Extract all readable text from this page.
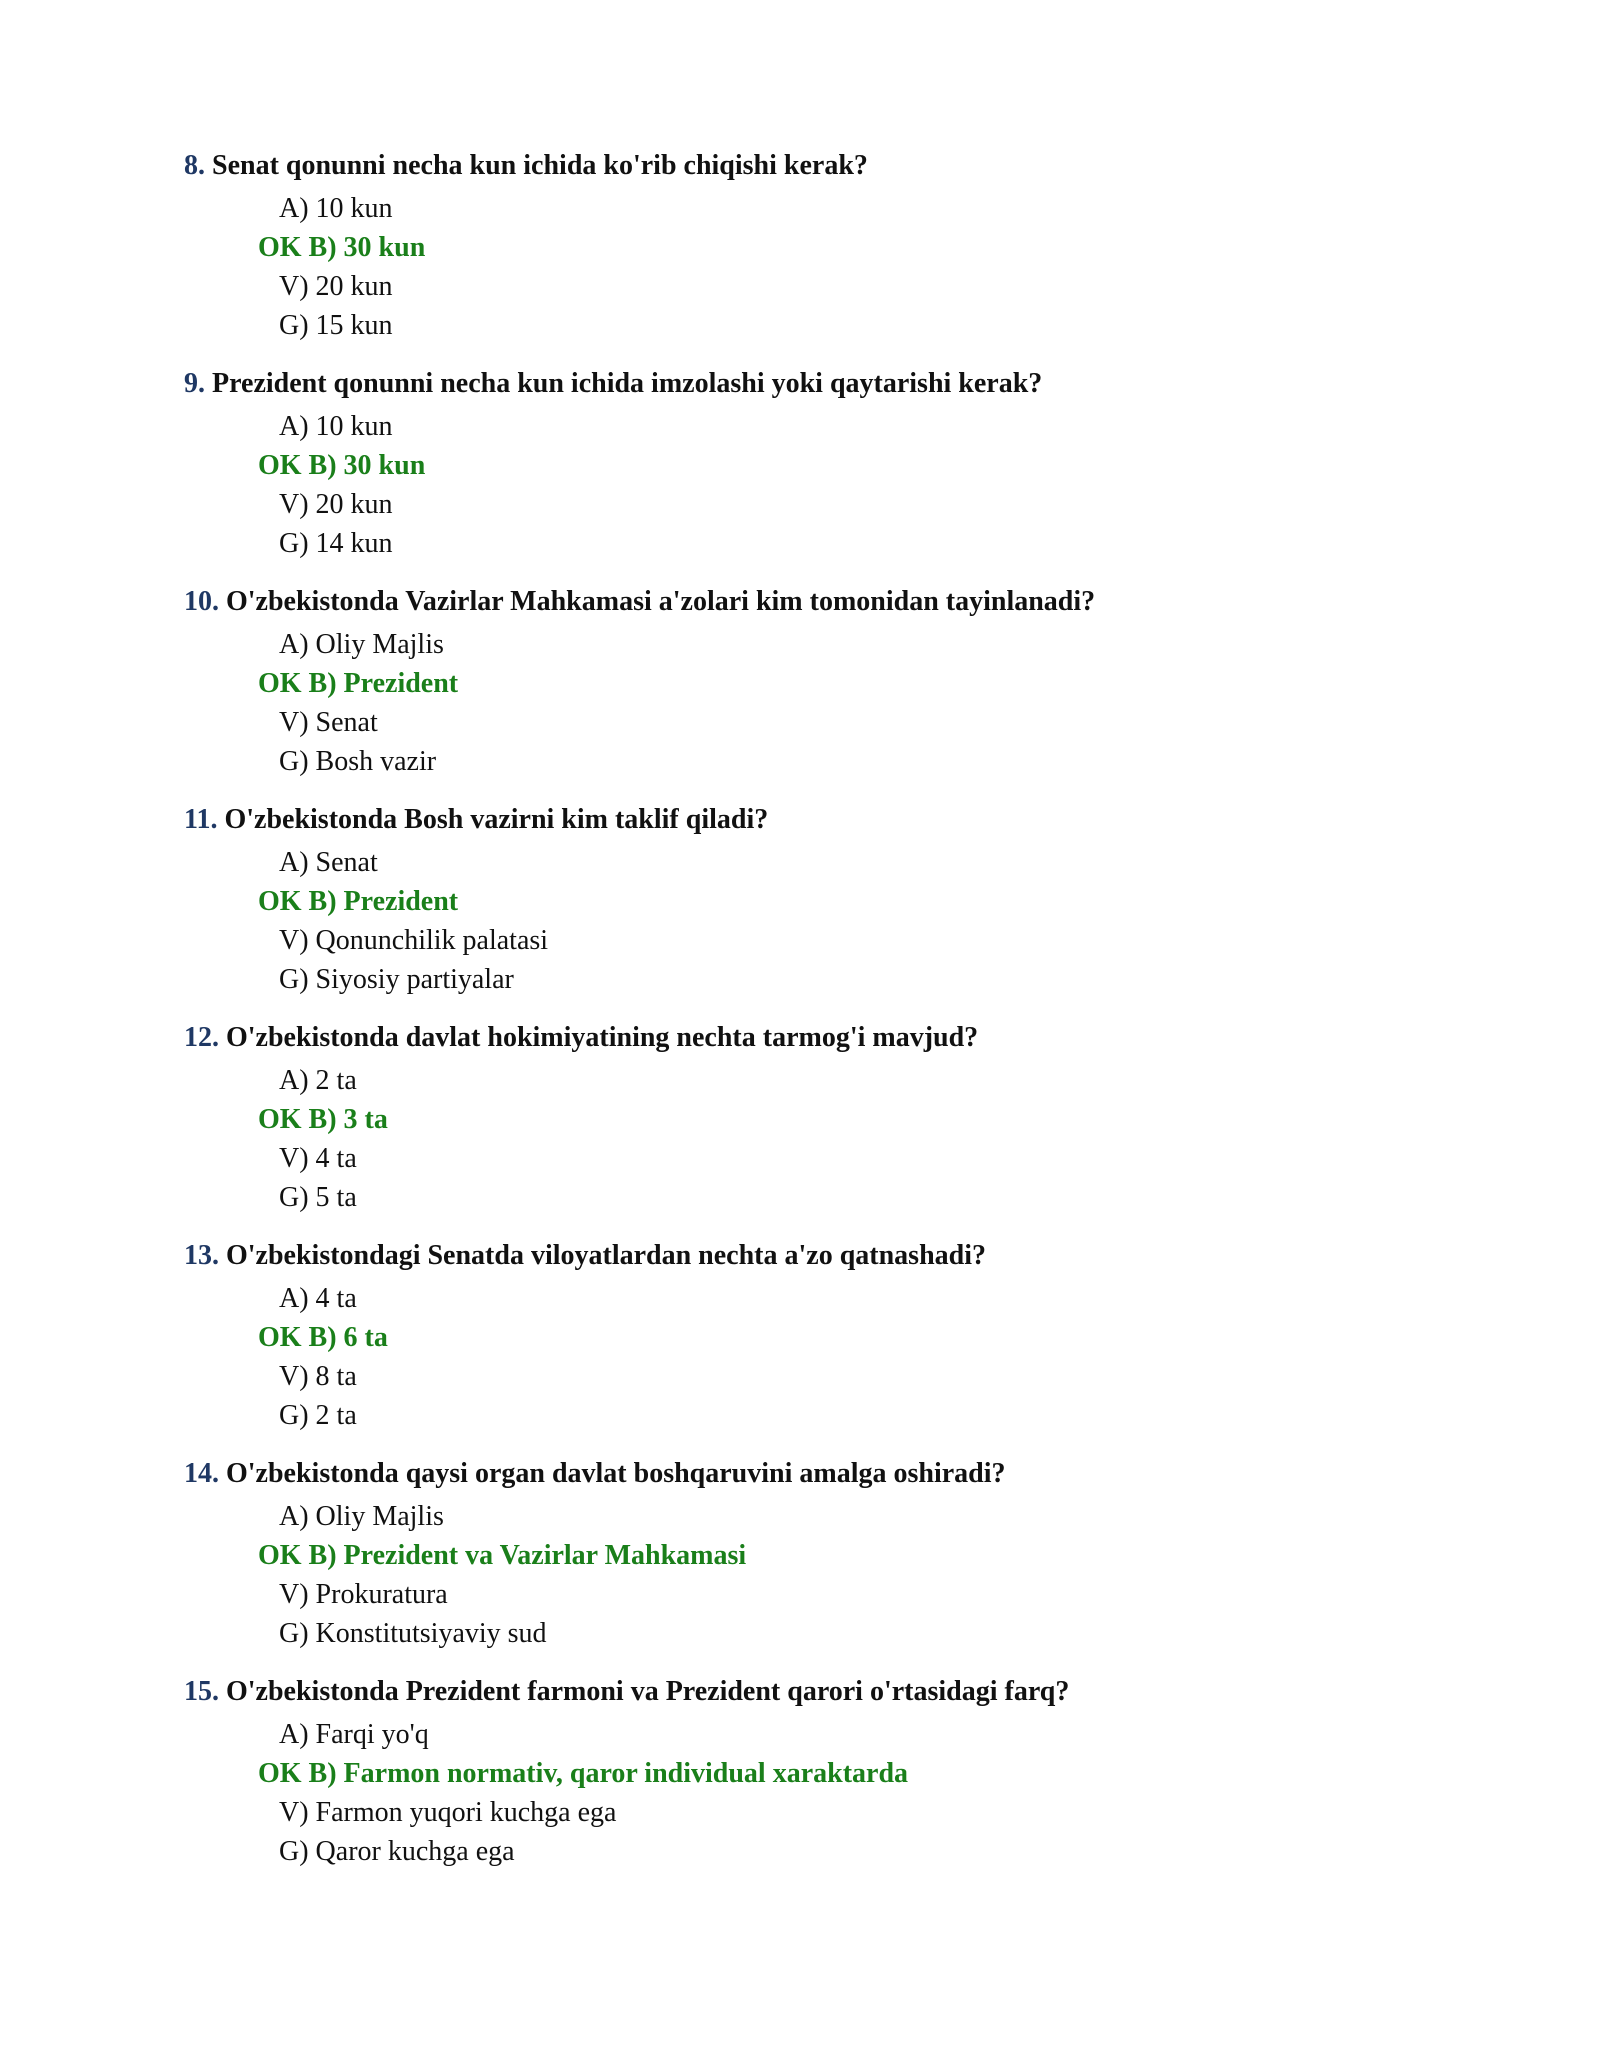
8. Senat qonunni necha kun ichida ko'rib chiqishi kerak?
A) 10 kun
OK B) 30 kun
V) 20 kun
G) 15 kun
9. Prezident qonunni necha kun ichida imzolashi yoki qaytarishi kerak?
A) 10 kun
OK B) 30 kun
V) 20 kun
G) 14 kun
10. O'zbekistonda Vazirlar Mahkamasi a'zolari kim tomonidan tayinlanadi?
A) Oliy Majlis
OK B) Prezident
V) Senat
G) Bosh vazir
11. O'zbekistonda Bosh vazirni kim taklif qiladi?
A) Senat
OK B) Prezident
V) Qonunchilik palatasi
G) Siyosiy partiyalar
12. O'zbekistonda davlat hokimiyatining nechta tarmog'i mavjud?
A) 2 ta
OK B) 3 ta
V) 4 ta
G) 5 ta
13. O'zbekistondagi Senatda viloyatlardan nechta a'zo qatnashadi?
A) 4 ta
OK B) 6 ta
V) 8 ta
G) 2 ta
14. O'zbekistonda qaysi organ davlat boshqaruvini amalga oshiradi?
A) Oliy Majlis
OK B) Prezident va Vazirlar Mahkamasi
V) Prokuratura
G) Konstitutsiyaviy sud
15. O'zbekistonda Prezident farmoni va Prezident qarori o'rtasidagi farq?
A) Farqi yo'q
OK B) Farmon normativ, qaror individual xaraktarda
V) Farmon yuqori kuchga ega
G) Qaror kuchga ega
